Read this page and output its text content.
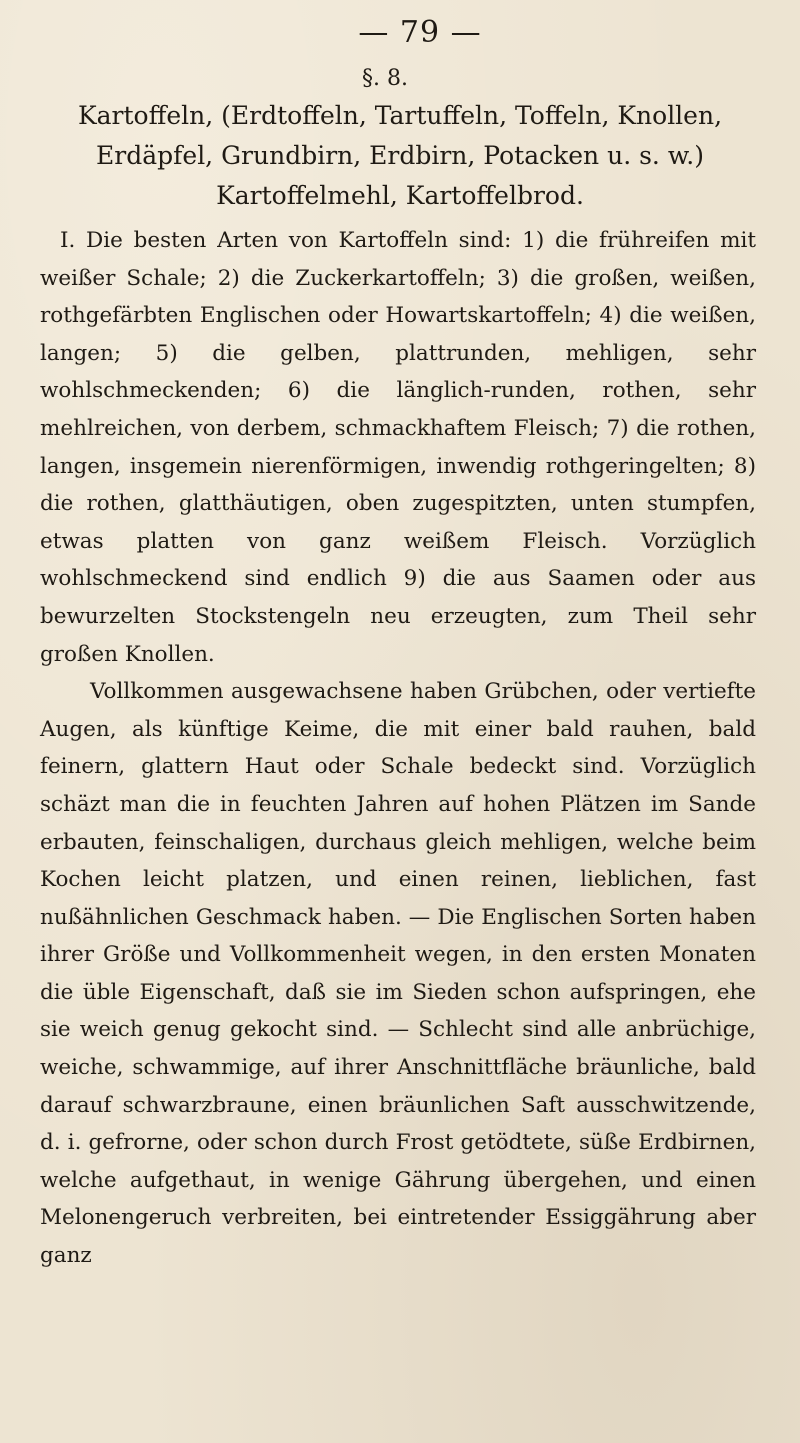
— 79 —
§. 8.
Kartoffeln, (Erdtoffeln, Tartuffeln, Toffeln, Knollen,
Erdäpfel, Grundbirn, Erdbirn, Potacken u. s. w.)
Kartoffelmehl, Kartoffelbrod.

I. Die besten Arten von Kartoffeln sind: 1) die frühreifen mit weißer Schale; 2) die Zuckerkartoffeln; 3) die großen, weißen, rothgefärbten Englischen oder Howartskartoffeln; 4) die weißen, langen; 5) die gelben, plattrunden, mehligen, sehr wohlschmeckenden; 6) die länglich-runden, rothen, sehr mehlreichen, von derbem, schmackhaftem Fleisch; 7) die rothen, langen, insgemein nierenförmigen, inwendig rothgeringelten; 8) die rothen, glatthäutigen, oben zugespitzten, unten stumpfen, etwas platten von ganz weißem Fleisch. Vorzüglich wohlschmeckend sind endlich 9) die aus Saamen oder aus bewurzelten Stockstengeln neu erzeugten, zum Theil sehr großen Knollen.

Vollkommen ausgewachsene haben Grübchen, oder vertiefte Augen, als künftige Keime, die mit einer bald rauhen, bald feinern, glattern Haut oder Schale bedeckt sind. Vorzüglich schäzt man die in feuchten Jahren auf hohen Plätzen im Sande erbauten, feinschaligen, durchaus gleich mehligen, welche beim Kochen leicht platzen, und einen reinen, lieblichen, fast nußähnlichen Geschmack haben. — Die Englischen Sorten haben ihrer Größe und Vollkommenheit wegen, in den ersten Monaten die üble Eigenschaft, daß sie im Sieden schon aufspringen, ehe sie weich genug gekocht sind. — Schlecht sind alle anbrüchige, weiche, schwammige, auf ihrer Anschnittfläche bräunliche, bald darauf schwarzbraune, einen bräunlichen Saft ausschwitzende, d. i. gefrorne, oder schon durch Frost getödtete, süße Erdbirnen, welche aufgethaut, in wenige Gährung übergehen, und einen Melonengeruch verbreiten, bei eintretender Essiggährung aber ganz
